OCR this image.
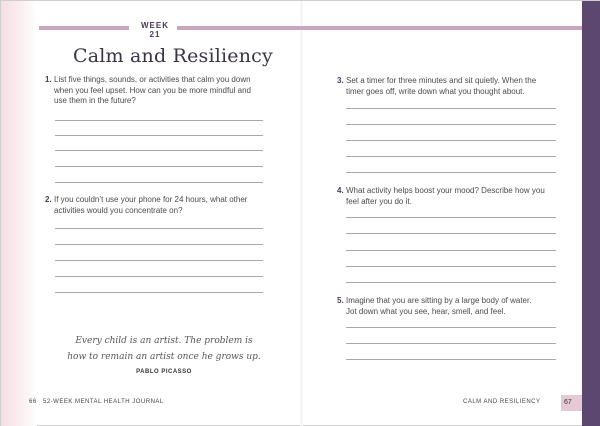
WEEK 21
Calm and Resiliency
1. List five things, sounds, or activities that calm you down
when you feel upset. How can you be more mindful and
use them in the future?
2. If you couldn’t use your phone for 24 hours, what other
activities would you concentrate on?
Every child is an artist. The problem is
how to remain an artist once he grows up.
PABLO PICASSO
66 52-WEEK MENTAL HEALTH JOURNAL
3. Set a timer for three minutes and sit quietly. When the
timer goes off, write down what you thought about.
4. What activity helps boost your mood? Describe how you
feel after you do it.
5. Imagine that you are sitting by a large body of water.
Jot down what you see, hear, smell, and feel.
CALM AND RESILIENCY	67
